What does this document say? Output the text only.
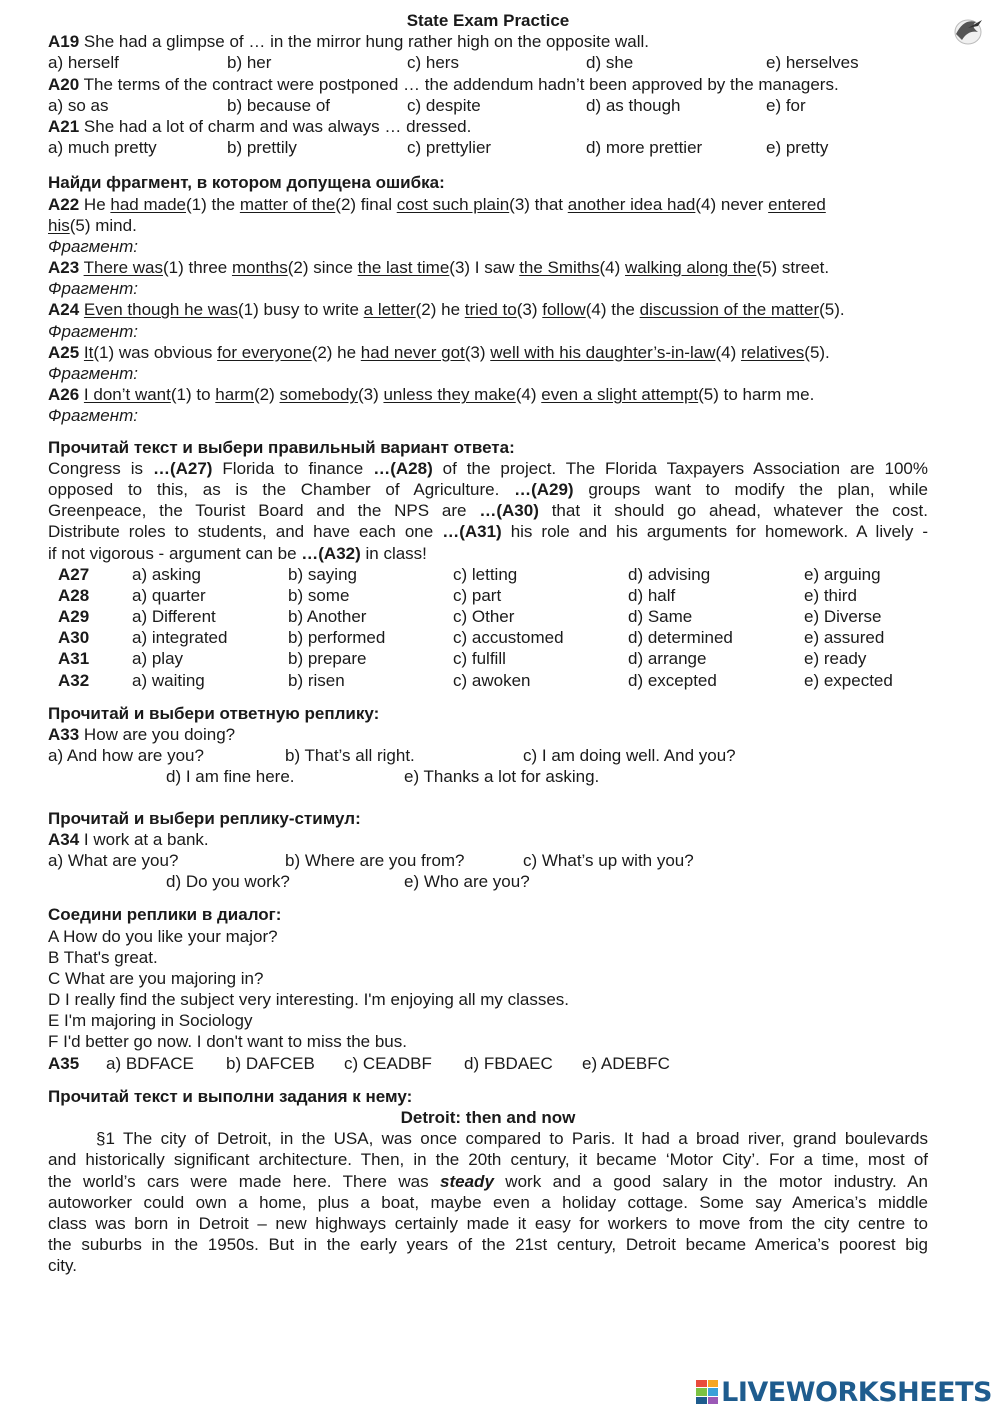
State Exam Practice
A19 She had a glimpse of … in the mirror hung rather high on the opposite wall.
a) herself	b) her	c) hers	d) she	e) herselves
A20 The terms of the contract were postponed … the addendum hadn’t been approved by the managers.
a) so as	b) because of	c) despite	d) as though	e) for
A21 She had a lot of charm and was always … dressed.
a) much pretty	b) prettily	c) prettylier	d) more prettier	e) pretty
Найди фрагмент, в котором допущена ошибка:
A22 He had made(1) the matter of the(2) final cost such plain(3) that another idea had(4) never entered
his(5) mind.
Фрагмент:
A23 There was(1) three months(2) since the last time(3) I saw the Smiths(4) walking along the(5) street.
Фрагмент:
A24 Even though he was(1) busy to write a letter(2) he tried to(3) follow(4) the discussion of the matter(5).
Фрагмент:
A25 It(1) was obvious for everyone(2) he had never got(3) well with his daughter’s-in-law(4) relatives(5).
Фрагмент:
A26 I don’t want(1) to harm(2) somebody(3) unless they make(4) even a slight attempt(5) to harm me.
Фрагмент:
Прочитай текст и выбери правильный вариант ответа:
Congress is …(A27) Florida to finance …(A28) of the project. The Florida Taxpayers Association are 100%
opposed to this, as is the Chamber of Agriculture. …(A29) groups want to modify the plan, while
Greenpeace, the Tourist Board and the NPS are …(A30) that it should go ahead, whatever the cost.
Distribute roles to students, and have each one …(A31) his role and his arguments for homework. A lively -
if not vigorous - argument can be …(A32) in class!
A27	a) asking	b) saying	c) letting	d) advising	e) arguing
A28	a) quarter	b) some	c) part	d) half	e) third
A29	a) Different	b) Another	c) Other	d) Same	e) Diverse
A30	a) integrated	b) performed	c) accustomed	d) determined	e) assured
A31	a) play	b) prepare	c) fulfill	d) arrange	e) ready
A32	a) waiting	b) risen	c) awoken	d) excepted	e) expected
Прочитай и выбери ответную реплику:
A33 How are you doing?
a) And how are you?	b) That’s all right.	c) I am doing well. And you?
d) I am fine here.	e) Thanks a lot for asking.
Прочитай и выбери реплику-стимул:
A34 I work at a bank.
a) What are you?	b) Where are you from?	c) What’s up with you?
d) Do you work?	e) Who are you?
Соедини реплики в диалог:
A How do you like your major?
B That's great.
C What are you majoring in?
D I really find the subject very interesting. I'm enjoying all my classes.
E I'm majoring in Sociology
F I'd better go now. I don't want to miss the bus.
A35 a) BDFACE b) DAFCEB c) CEADBF d) FBDAEC e) ADEBFC
Прочитай текст и выполни задания к нему:
Detroit: then and now
§1 The city of Detroit, in the USA, was once compared to Paris. It had a broad river, grand boulevards
and historically significant architecture. Then, in the 20th century, it became ‘Motor City’. For a time, most of
the world’s cars were made here. There was steady work and a good salary in the motor industry. An
autoworker could own a home, plus a boat, maybe even a holiday cottage. Some say America’s middle
class was born in Detroit – new highways certainly made it easy for workers to move from the city centre to
the suburbs in the 1950s. But in the early years of the 21st century, Detroit became America’s poorest big
city.
LIVEWORKSHEETS
